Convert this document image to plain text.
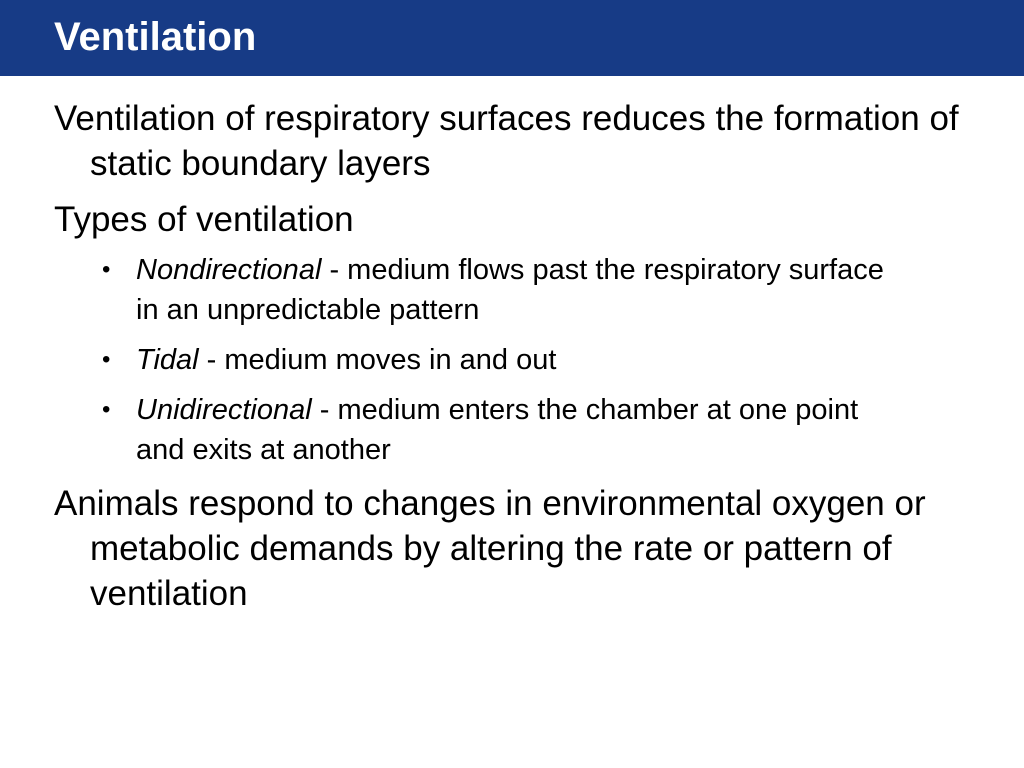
Ventilation

Ventilation of respiratory surfaces reduces the formation of static boundary layers

Types of ventilation

• Nondirectional - medium flows past the respiratory surface in an unpredictable pattern
• Tidal - medium moves in and out
• Unidirectional - medium enters the chamber at one point and exits at another

Animals respond to changes in environmental oxygen or metabolic demands by altering the rate or pattern of ventilation
